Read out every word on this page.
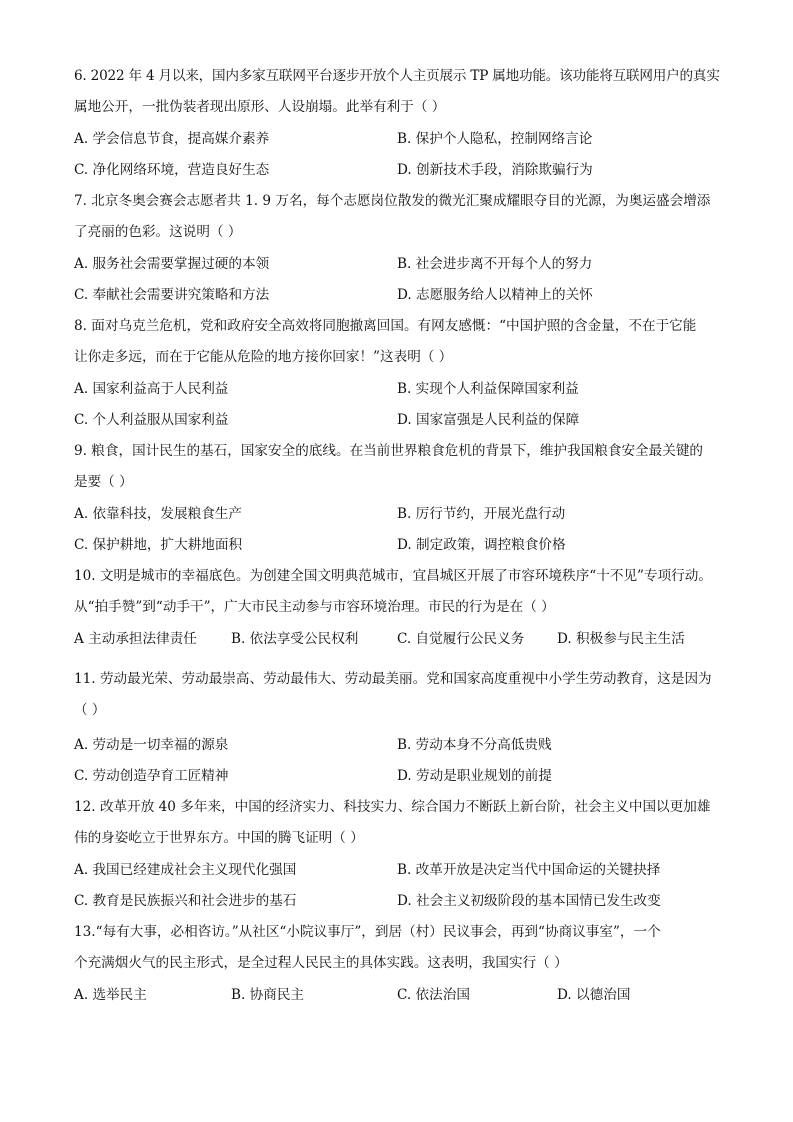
6. 2022 年 4 月以来，国内多家互联网平台逐步开放个人主页展示 TP 属地功能。该功能将互联网用户的真实
属地公开，一批伪装者现出原形、人设崩塌。此举有利于（ ）
A. 学会信息节食，提高媒介素养	B. 保护个人隐私，控制网络言论
C. 净化网络环境，营造良好生态	D. 创新技术手段，消除欺骗行为
7. 北京冬奥会赛会志愿者共 1. 9 万名，每个志愿岗位散发的微光汇聚成耀眼夺目的光源，为奥运盛会增添
了亮丽的色彩。这说明（ ）
A. 服务社会需要掌握过硬的本领	B. 社会进步离不开每个人的努力
C. 奉献社会需要讲究策略和方法	D. 志愿服务给人以精神上的关怀
8. 面对乌克兰危机，党和政府安全高效将同胞撤离回国。有网友感慨：“中国护照的含金量，不在于它能
让你走多远，而在于它能从危险的地方接你回家！”这表明（ ）
A. 国家利益高于人民利益	B. 实现个人利益保障国家利益
C. 个人利益服从国家利益	D. 国家富强是人民利益的保障
9. 粮食，国计民生的基石，国家安全的底线。在当前世界粮食危机的背景下，维护我国粮食安全最关键的
是要（ ）
A. 依靠科技，发展粮食生产	B. 厉行节约，开展光盘行动
C. 保护耕地，扩大耕地面积	D. 制定政策，调控粮食价格
10. 文明是城市的幸福底色。为创建全国文明典范城市，宜昌城区开展了市容环境秩序“十不见”专项行动。
从“拍手赞”到“动手干”，广大市民主动参与市容环境治理。市民的行为是在（ ）
A 主动承担法律责任	B. 依法享受公民权利	C. 自觉履行公民义务 D. 积极参与民主生活
11. 劳动最光荣、劳动最崇高、劳动最伟大、劳动最美丽。党和国家高度重视中小学生劳动教育，这是因为
（ ）
A. 劳动是一切幸福的源泉	B. 劳动本身不分高低贵贱
C. 劳动创造孕育工匠精神	D. 劳动是职业规划的前提
12. 改革开放 40 多年来，中国的经济实力、科技实力、综合国力不断跃上新台阶，社会主义中国以更加雄
伟的身姿屹立于世界东方。中国的腾飞证明（ ）
A. 我国已经建成社会主义现代化强国	B. 改革开放是决定当代中国命运的关键抉择
C. 教育是民族振兴和社会进步的基石	D. 社会主义初级阶段的基本国情已发生改变
13.“每有大事，必相咨访。”从社区“小院议事厅”，到居（村）民议事会，再到“协商议事室”，一个
个充满烟火气的民主形式，是全过程人民民主的具体实践。这表明，我国实行（ ）
A. 选举民主	B. 协商民主	C. 依法治国	D. 以德治国
